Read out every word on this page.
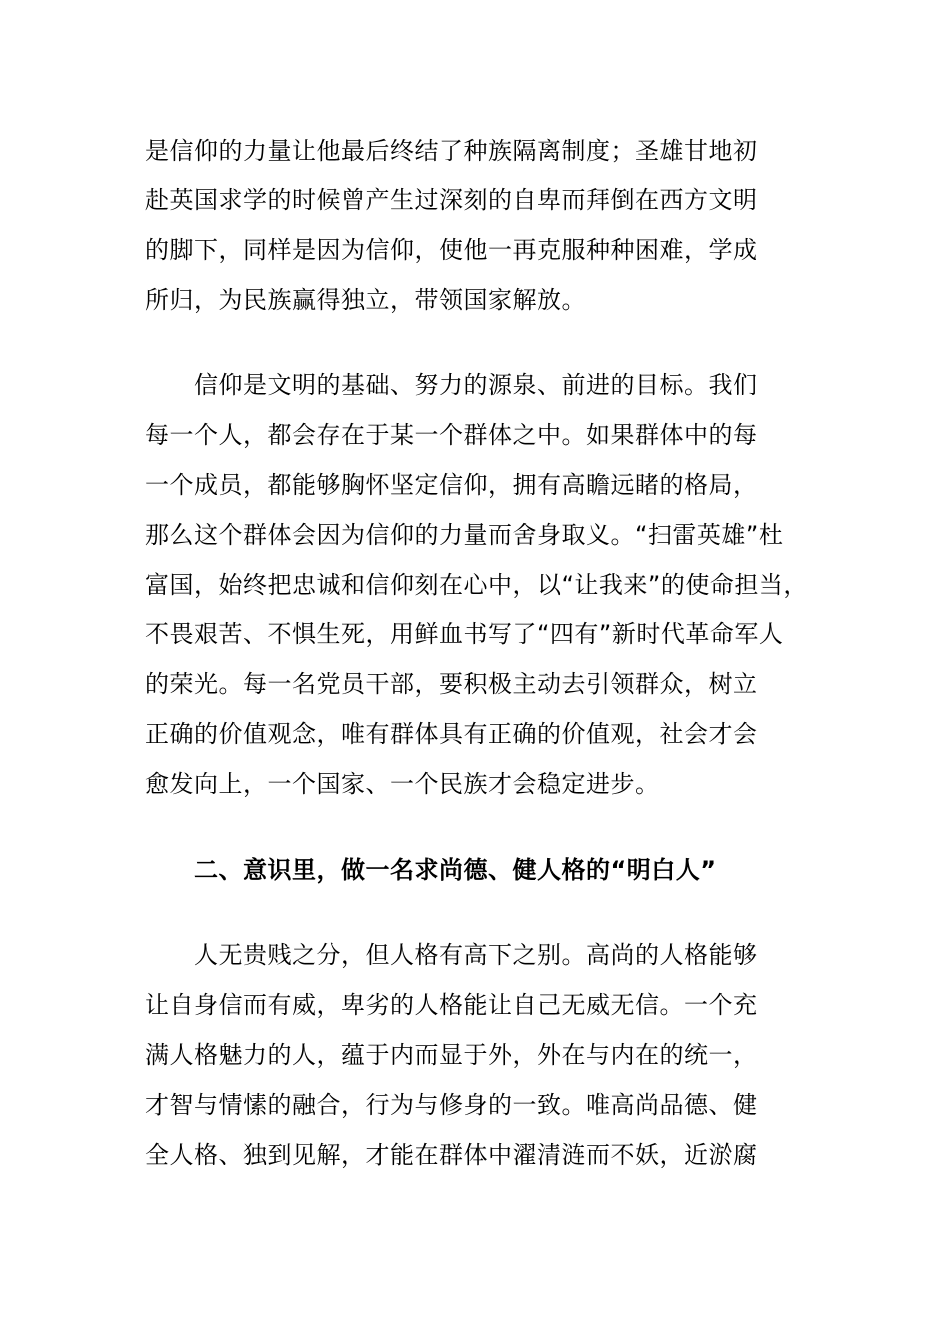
是信仰的力量让他最后终结了种族隔离制度；圣雄甘地初
赴英国求学的时候曾产生过深刻的自卑而拜倒在西方文明
的脚下，同样是因为信仰，使他一再克服种种困难，学成
所归，为民族赢得独立，带领国家解放。
信仰是文明的基础、努力的源泉、前进的目标。我们
每一个人，都会存在于某一个群体之中。如果群体中的每
一个成员，都能够胸怀坚定信仰，拥有高瞻远睹的格局，
那么这个群体会因为信仰的力量而舍身取义。“扫雷英雄”杜
富国，始终把忠诚和信仰刻在心中，以“让我来”的使命担当，
不畏艰苦、不惧生死，用鲜血书写了“四有”新时代革命军人
的荣光。每一名党员干部，要积极主动去引领群众，树立
正确的价值观念，唯有群体具有正确的价值观，社会才会
愈发向上，一个国家、一个民族才会稳定进步。
二、意识里，做一名求尚德、健人格的“明白人”
人无贵贱之分，但人格有高下之别。高尚的人格能够
让自身信而有威，卑劣的人格能让自己无威无信。一个充
满人格魅力的人，蕴于内而显于外，外在与内在的统一，
才智与情愫的融合，行为与修身的一致。唯高尚品德、健
全人格、独到见解，才能在群体中濯清涟而不妖，近淤腐
